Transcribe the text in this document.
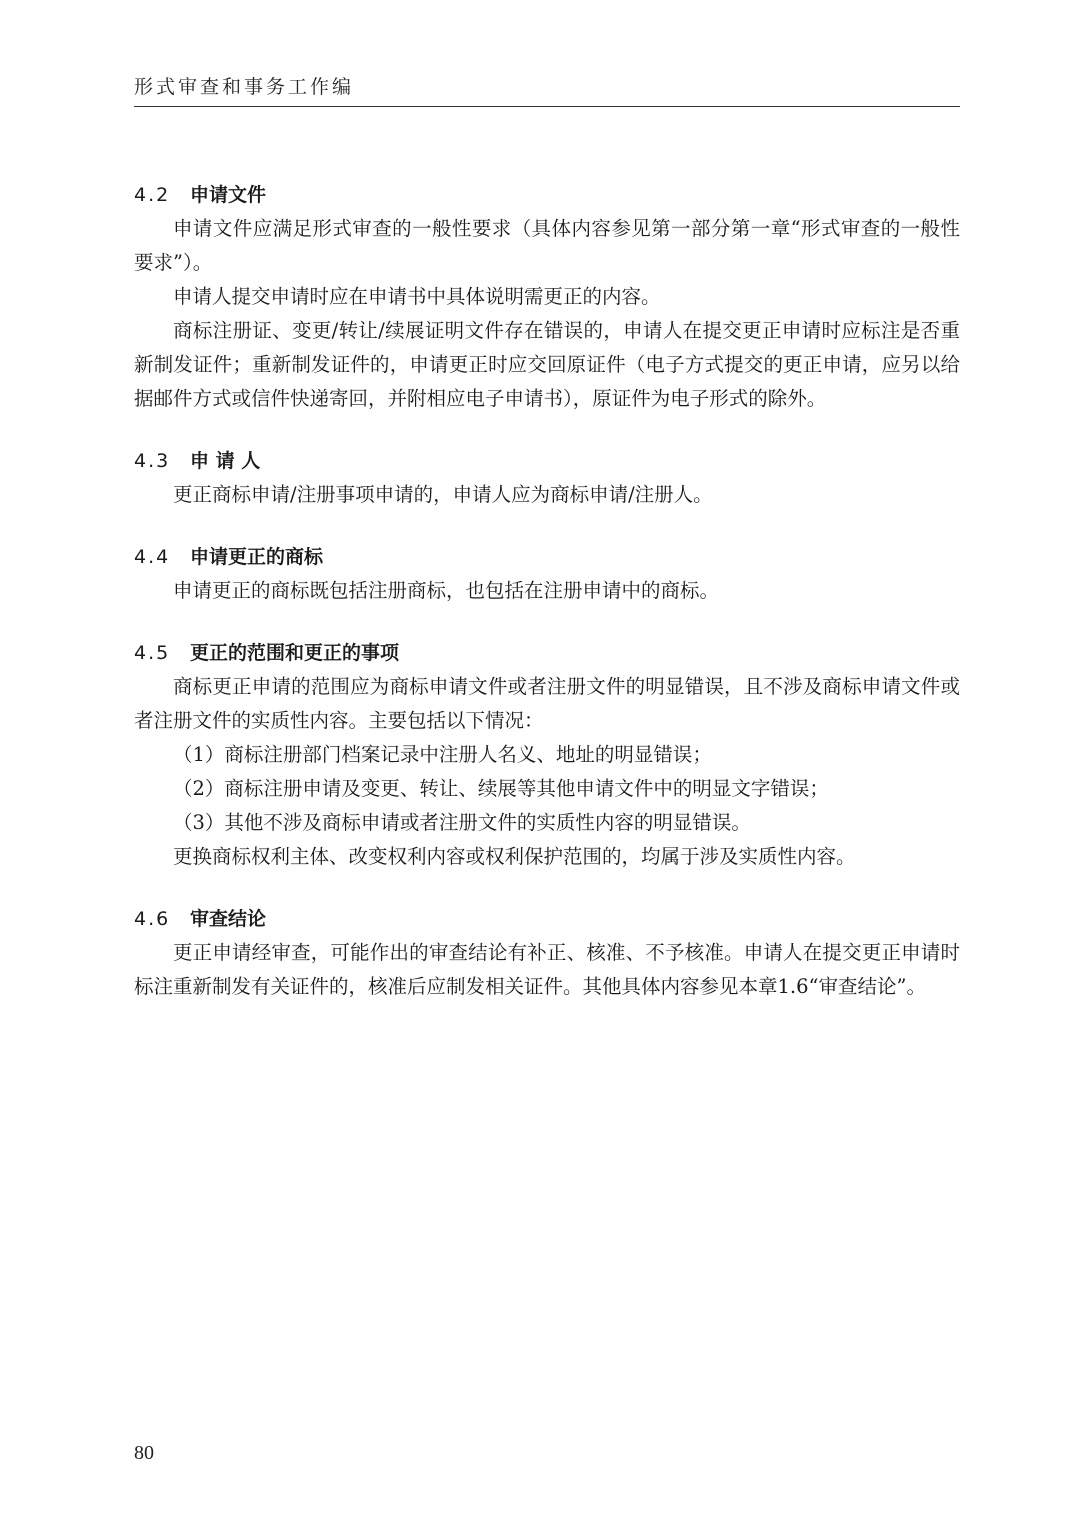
形式审查和事务工作编
4.2 申请文件

申请文件应满足形式审查的一般性要求（具体内容参见第一部分第一章“形式审查的一般性要求”）。

申请人提交申请时应在申请书中具体说明需更正的内容。

商标注册证、变更/转让/续展证明文件存在错误的，申请人在提交更正申请时应标注是否重新制发证件；重新制发证件的，申请更正时应交回原证件（电子方式提交的更正申请，应另以给据邮件方式或信件快递寄回，并附相应电子申请书），原证件为电子形式的除外。

4.3 申 请 人

更正商标申请/注册事项申请的，申请人应为商标申请/注册人。

4.4 申请更正的商标

申请更正的商标既包括注册商标，也包括在注册申请中的商标。

4.5 更正的范围和更正的事项

商标更正申请的范围应为商标申请文件或者注册文件的明显错误，且不涉及商标申请文件或者注册文件的实质性内容。主要包括以下情况：

（1）商标注册部门档案记录中注册人名义、地址的明显错误；

（2）商标注册申请及变更、转让、续展等其他申请文件中的明显文字错误；

（3）其他不涉及商标申请或者注册文件的实质性内容的明显错误。

更换商标权利主体、改变权利内容或权利保护范围的，均属于涉及实质性内容。

4.6 审查结论

更正申请经审查，可能作出的审查结论有补正、核准、不予核准。申请人在提交更正申请时标注重新制发有关证件的，核准后应制发相关证件。其他具体内容参见本章1.6“审查结论”。

80
